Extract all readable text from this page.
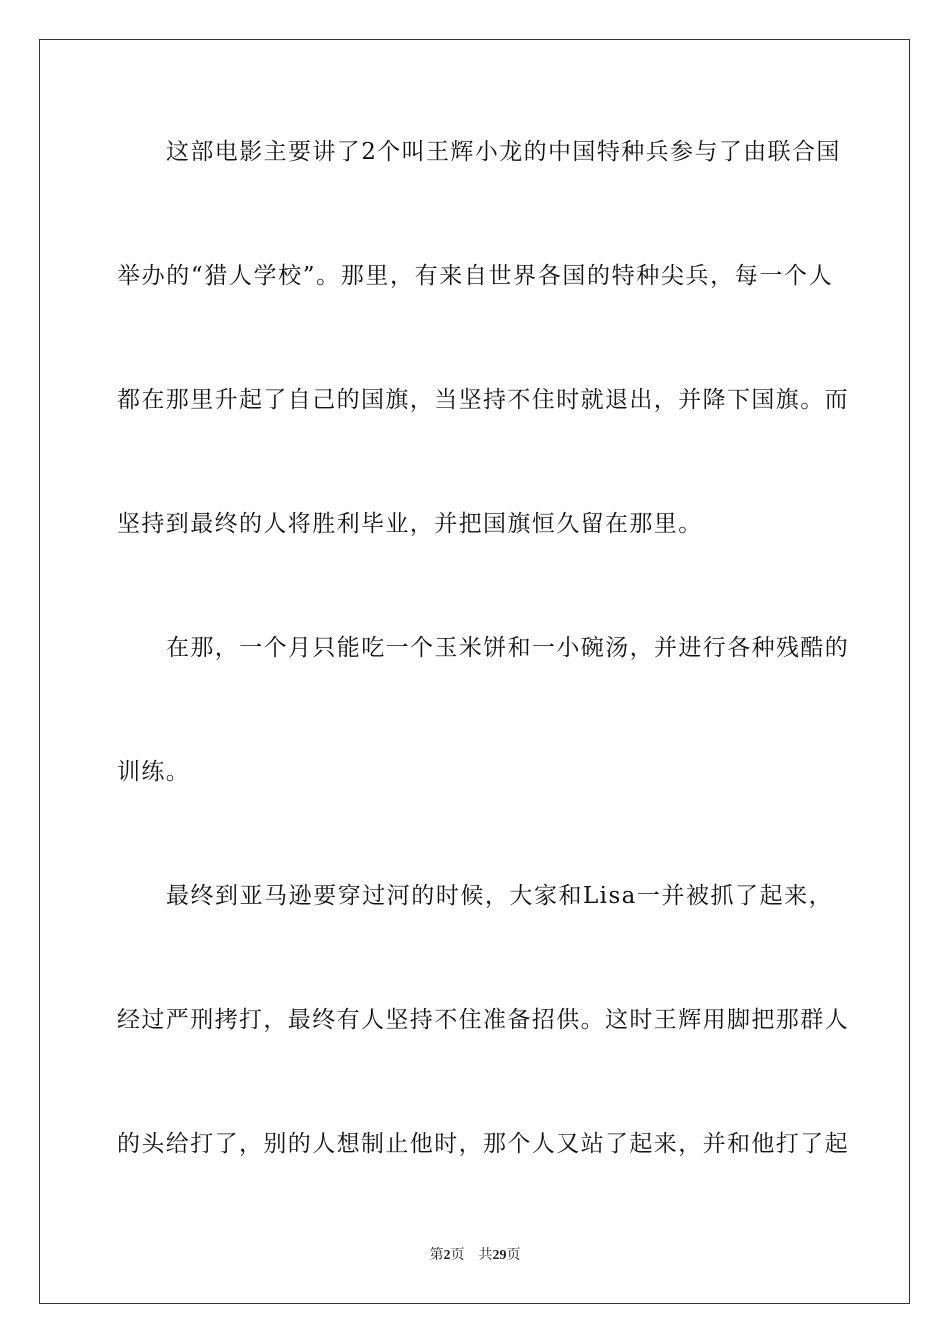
这部电影主要讲了2个叫王辉小龙的中国特种兵参与了由联合国
举办的“猎人学校”。那里，有来自世界各国的特种尖兵，每一个人
都在那里升起了自己的国旗，当坚持不住时就退出，并降下国旗。而
坚持到最终的人将胜利毕业，并把国旗恒久留在那里。
在那，一个月只能吃一个玉米饼和一小碗汤，并进行各种残酷的
训练。
最终到亚马逊要穿过河的时候，大家和Lisa一并被抓了起来，
经过严刑拷打，最终有人坚持不住准备招供。这时王辉用脚把那群人
的头给打了，别的人想制止他时，那个人又站了起来，并和他打了起
第2页 共29页
